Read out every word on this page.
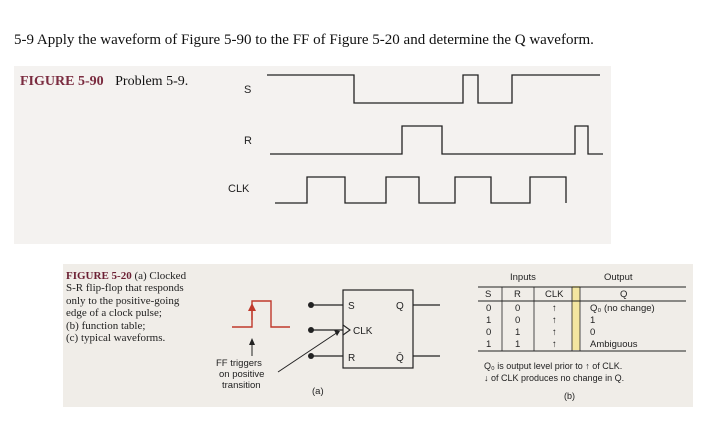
5-9 Apply the waveform of Figure 5-90 to the FF of Figure 5-20 and determine the Q waveform.
FIGURE 5-90 Problem 5-9.
S
R
CLK
FIGURE 5-20 (a) Clocked
S-R flip-flop that responds
only to the positive-going
edge of a clock pulse;
(b) function table;
(c) typical waveforms.
S
CLK
R
Q
Q̄
FF triggers
on positive
transition
(a)
Inputs	Output
S R	CLK	Q
0 0	↑	Q₀ (no change)
1 0	↑	1
0 1	↑	0
1 1	↑	Ambiguous
Q₀ is output level prior to ↑ of CLK.
↓ of CLK produces no change in Q.
(b)
